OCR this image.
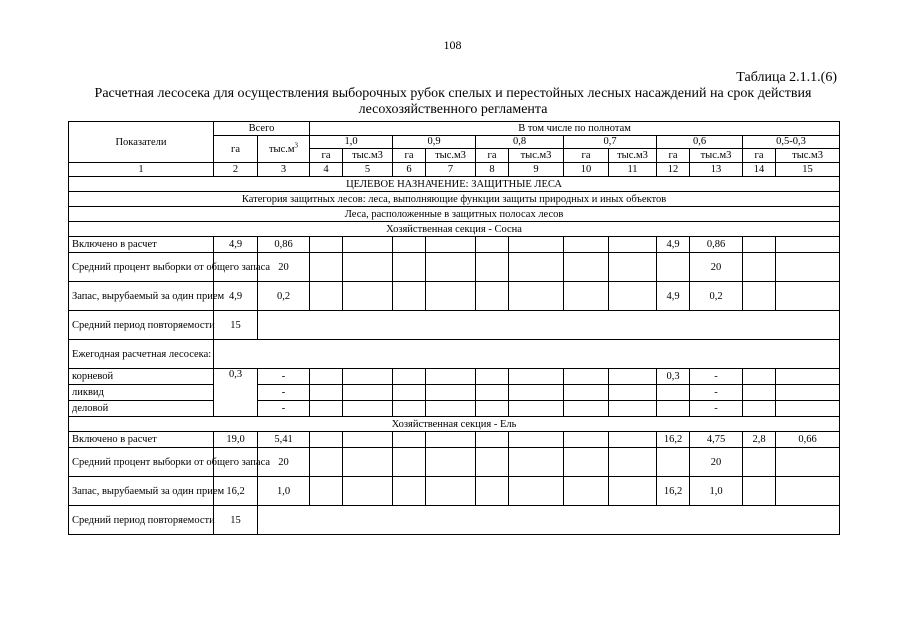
108
Таблица 2.1.1.(6)
Расчетная лесосека для осуществления выборочных рубок спелых и перестойных лесных насаждений на срок действия лесохозяйственного регламента
Показатели	Всего		В том числе по полнотам											
	га	$тыс.м^3$	1,0		0,9		0,8		0,7		0,6		0,5-0,3	
			га	тыс.м3	га	тыс.м3	га	тыс.м3	га	тыс.м3	га	тыс.м3	га	тыс.м3
1	2	3	4	5	6	7	8	9	10	11	12	13	14	15
ЦЕЛЕВОЕ НАЗНАЧЕНИЕ: ЗАЩИТНЫЕ ЛЕСА														
Категория защитных лесов: леса, выполняющие функции защиты природных и иных объектов														
Леса, расположенные в защитных полосах лесов														
Хозяйственная секция - Сосна														
Включено в расчет	4,9	0,86									4,9	0,86		
Средний процент выборки от общего запаса		20										20		
Запас, вырубаемый за один прием	4,9	0,2									4,9	0,2		
Средний период повторяемости	15													
Ежегодная расчетная лесосека:														
корневой	0,3	-									0,3	-		
ликвид		-										-		
деловой		-										-		
Хозяйственная секция - Ель														
Включено в расчет	19,0	5,41									16,2	4,75	2,8	0,66
Средний процент выборки от общего запаса		20										20		
Запас, вырубаемый за один прием	16,2	1,0									16,2	1,0		
Средний период повторяемости	15													
